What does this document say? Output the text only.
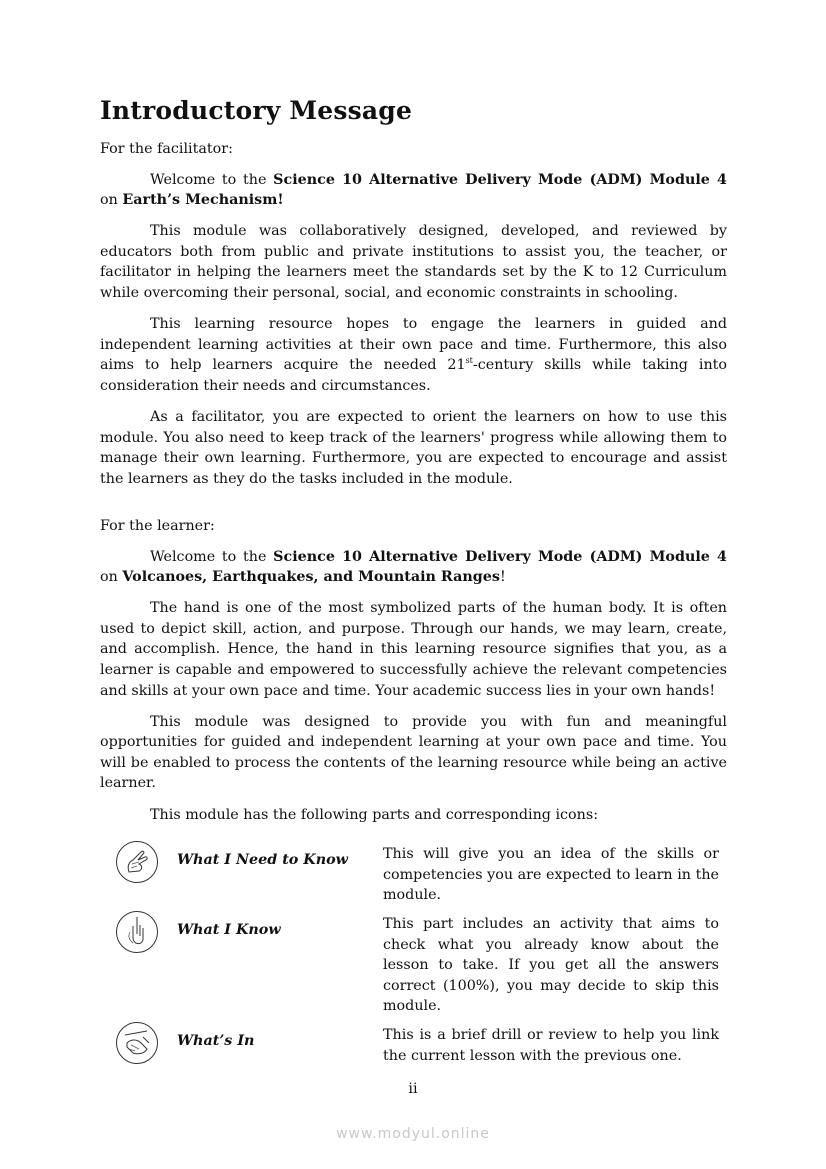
Introductory Message
For the facilitator:

Welcome to the Science 10 Alternative Delivery Mode (ADM) Module 4 on Earth’s Mechanism!

This module was collaboratively designed, developed, and reviewed by educators both from public and private institutions to assist you, the teacher, or facilitator in helping the learners meet the standards set by the K to 12 Curriculum while overcoming their personal, social, and economic constraints in schooling.

This learning resource hopes to engage the learners in guided and independent learning activities at their own pace and time. Furthermore, this also aims to help learners acquire the needed 21st-century skills while taking into consideration their needs and circumstances.

As a facilitator, you are expected to orient the learners on how to use this module. You also need to keep track of the learners' progress while allowing them to manage their own learning. Furthermore, you are expected to encourage and assist the learners as they do the tasks included in the module.

For the learner:

Welcome to the Science 10 Alternative Delivery Mode (ADM) Module 4 on Volcanoes, Earthquakes, and Mountain Ranges!

The hand is one of the most symbolized parts of the human body. It is often used to depict skill, action, and purpose. Through our hands, we may learn, create, and accomplish. Hence, the hand in this learning resource signifies that you, as a learner is capable and empowered to successfully achieve the relevant competencies and skills at your own pace and time. Your academic success lies in your own hands!

This module was designed to provide you with fun and meaningful opportunities for guided and independent learning at your own pace and time. You will be enabled to process the contents of the learning resource while being an active learner.

This module has the following parts and corresponding icons:

What I Need to Know This will give you an idea of the skills or competencies you are expected to learn in the module.
What I Know	This part includes an activity that aims to check what you already know about the lesson to take. If you get all the answers correct (100%), you may decide to skip this module.
What’s In	This is a brief drill or review to help you link the current lesson with the previous one.
ii
www.modyul.online
